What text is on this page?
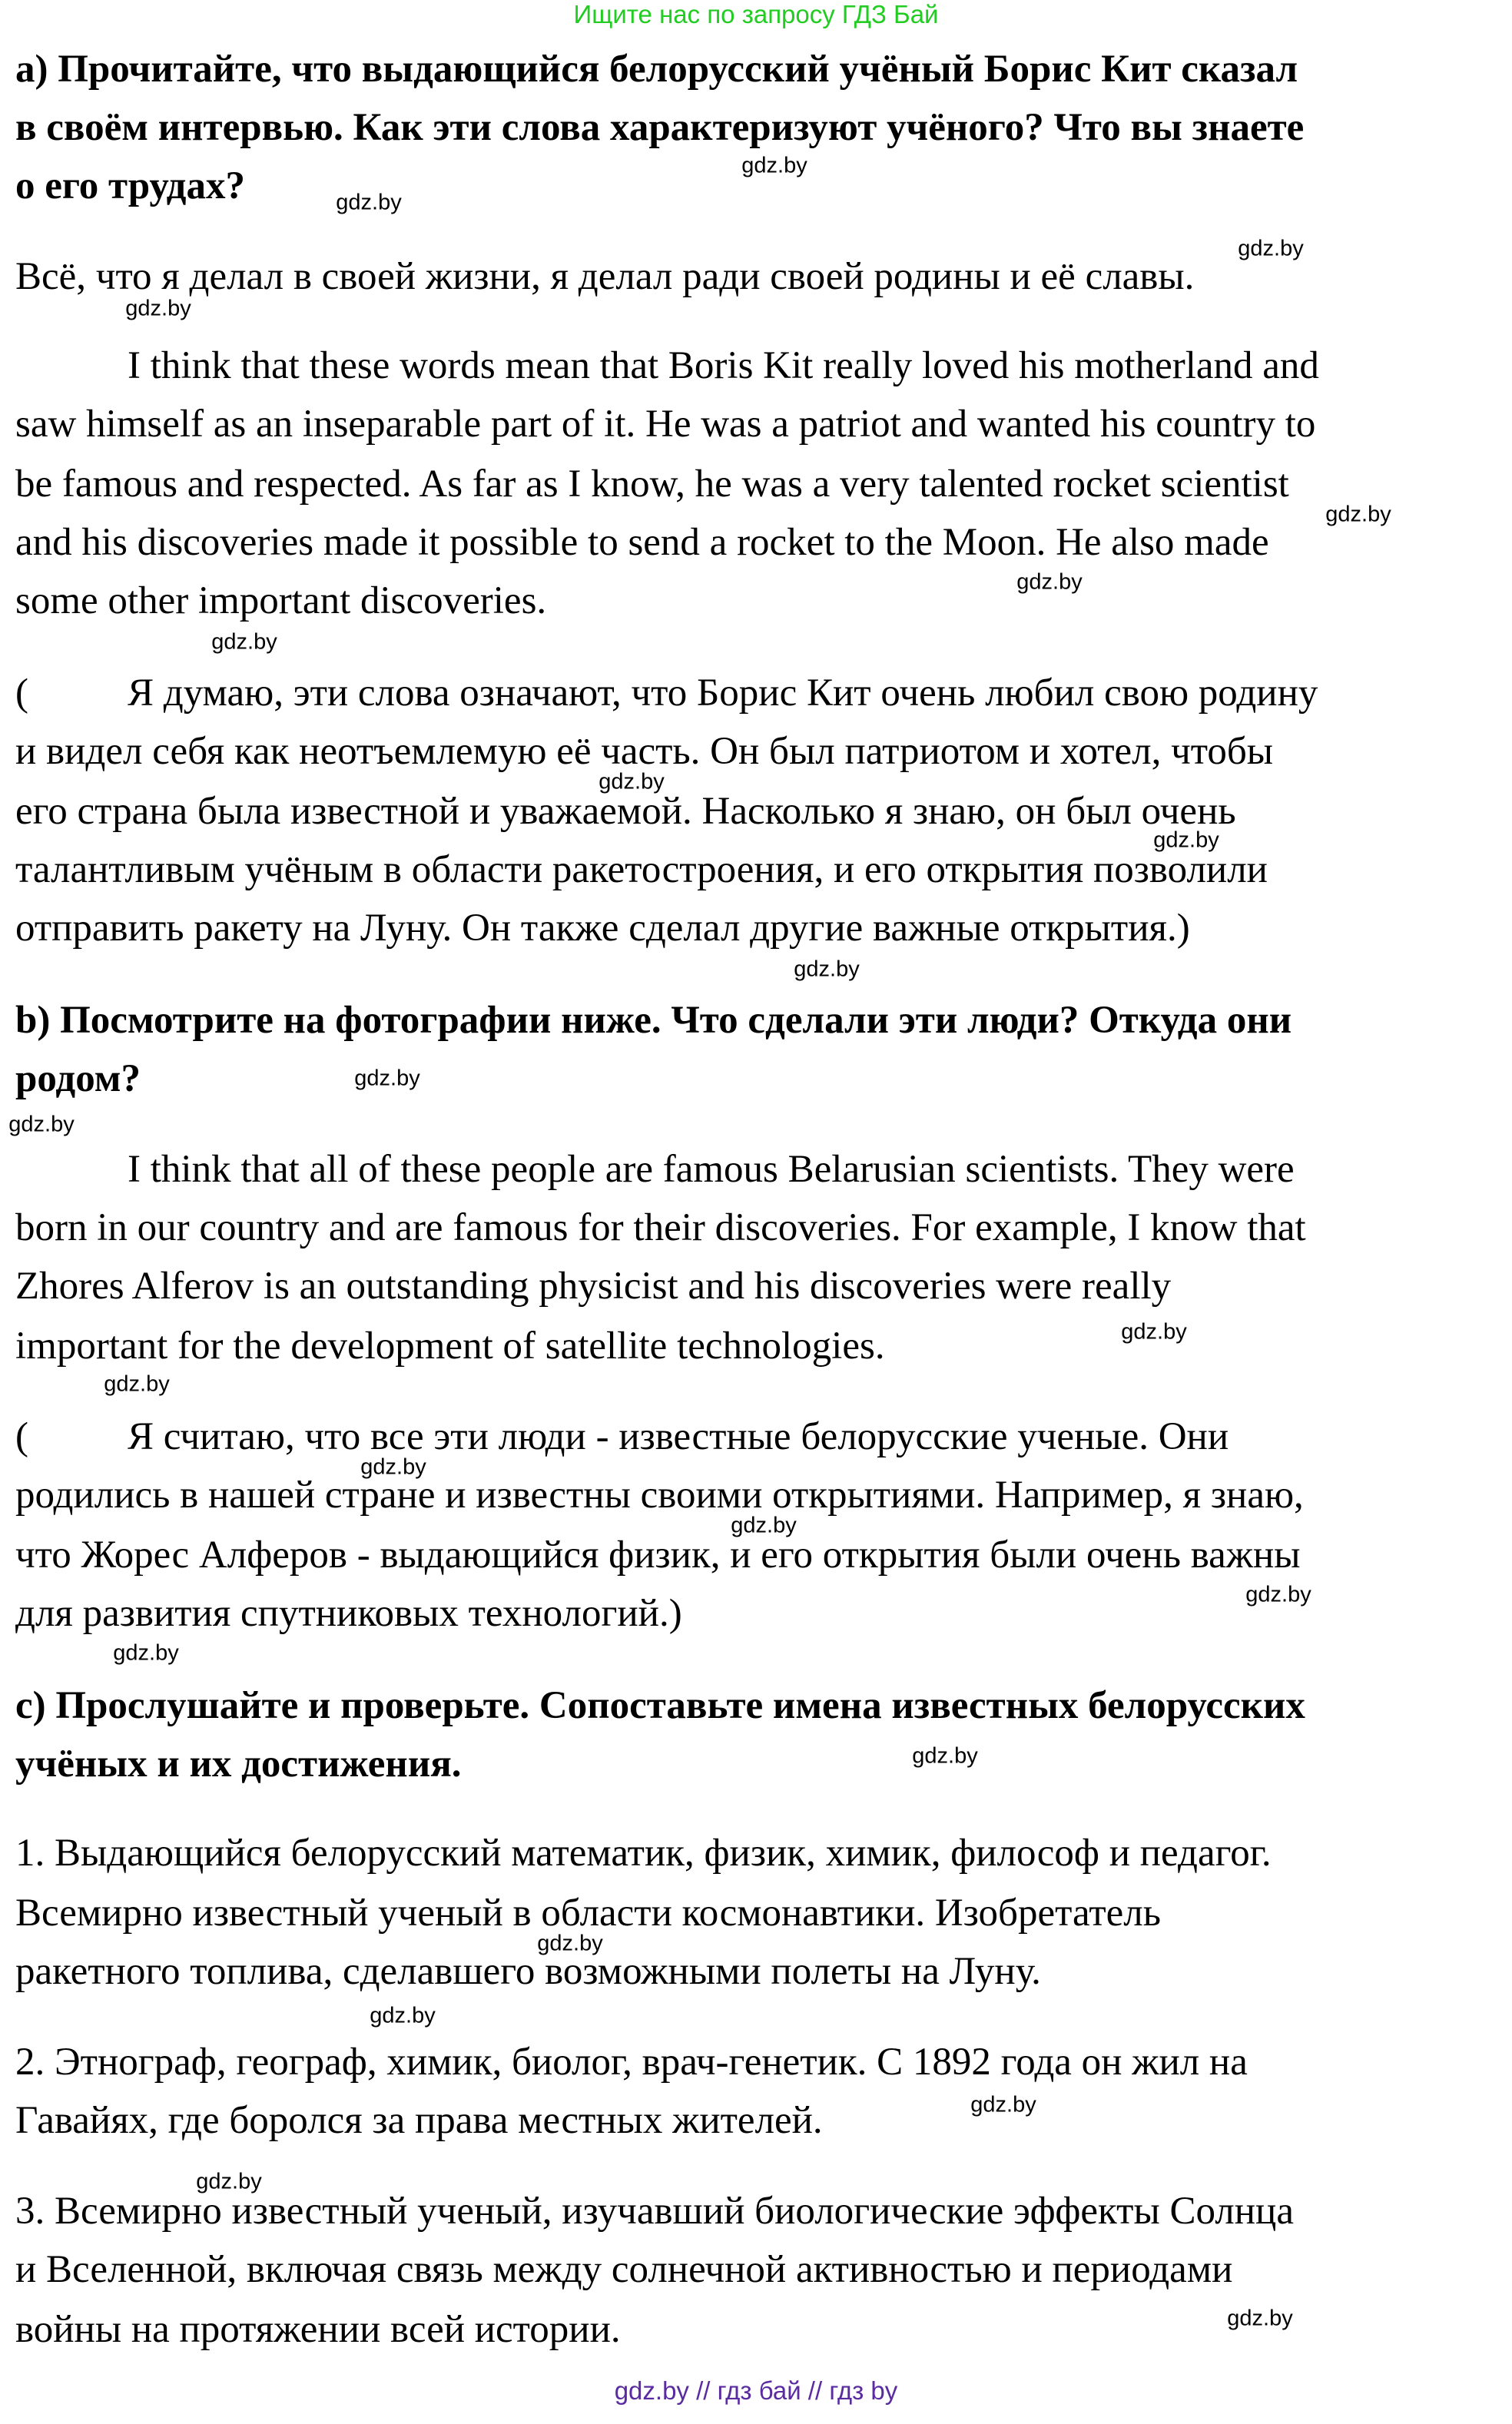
Ищите нас по запросу ГДЗ Бай
а) Прочитайте, что выдающийся белорусский учёный Борис Кит сказал
в своём интервью. Как эти слова характеризуют учёного? Что вы знаете
о его трудах?
Всё, что я делал в своей жизни, я делал ради своей родины и её славы.
I think that these words mean that Boris Kit really loved his motherland and
saw himself as an inseparable part of it. He was a patriot and wanted his country to
be famous and respected. As far as I know, he was a very talented rocket scientist
and his discoveries made it possible to send a rocket to the Moon. He also made
some other important discoveries.
(	Я думаю, эти слова означают, что Борис Кит очень любил свою родину
и видел себя как неотъемлемую её часть. Он был патриотом и хотел, чтобы
его страна была известной и уважаемой. Насколько я знаю, он был очень
талантливым учёным в области ракетостроения, и его открытия позволили
отправить ракету на Луну. Он также сделал другие важные открытия.)
b) Посмотрите на фотографии ниже. Что сделали эти люди? Откуда они
родом?
I think that all of these people are famous Belarusian scientists. They were
born in our country and are famous for their discoveries. For example, I know that
Zhores Alferov is an outstanding physicist and his discoveries were really
important for the development of satellite technologies.
(	Я считаю, что все эти люди - известные белорусские ученые. Они
родились в нашей стране и известны своими открытиями. Например, я знаю,
что Жорес Алферов - выдающийся физик, и его открытия были очень важны
для развития спутниковых технологий.)
c) Прослушайте и проверьте. Сопоставьте имена известных белорусских
учёных и их достижения.
1. Выдающийся белорусский математик, физик, химик, философ и педагог.
Всемирно известный ученый в области космонавтики. Изобретатель
ракетного топлива, сделавшего возможными полеты на Луну.
2. Этнограф, географ, химик, биолог, врач-генетик. С 1892 года он жил на
Гавайях, где боролся за права местных жителей.
3. Всемирно известный ученый, изучавший биологические эффекты Солнца
и Вселенной, включая связь между солнечной активностью и периодами
войны на протяжении всей истории.
gdz.by
gdz.by
gdz.by
gdz.by
gdz.by
gdz.by
gdz.by
gdz.by
gdz.by
gdz.by
gdz.by
gdz.by
gdz.by
gdz.by
gdz.by
gdz.by
gdz.by
gdz.by
gdz.by
gdz.by
gdz.by
gdz.by
gdz.by
gdz.by
gdz.by // гдз бай // гдз by
